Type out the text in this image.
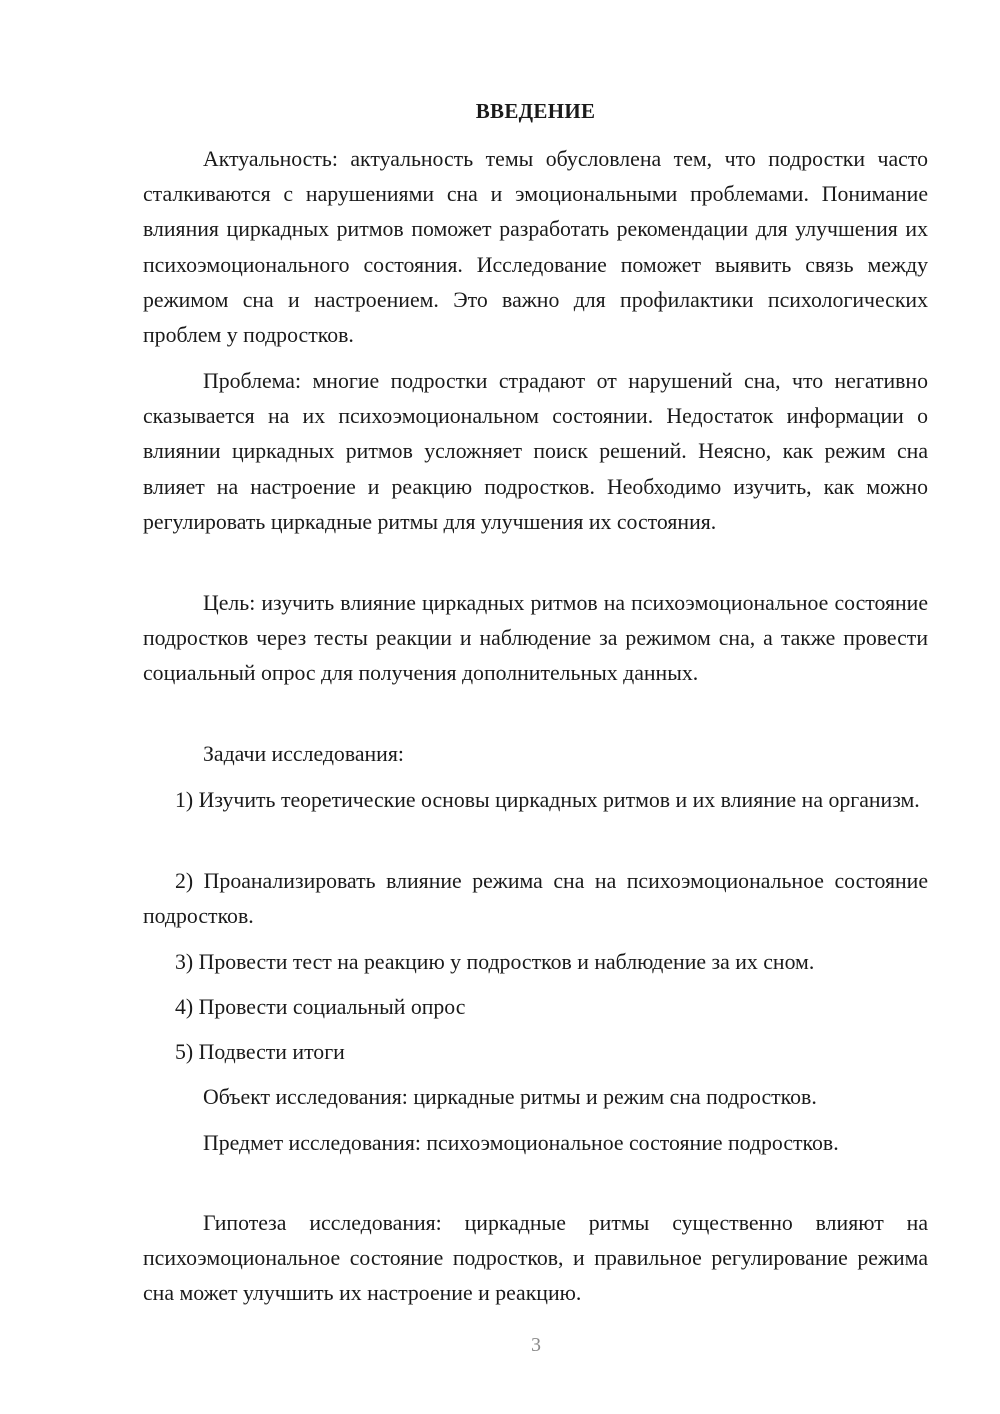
ВВЕДЕНИЕ

Актуальность: актуальность темы обусловлена тем, что подростки часто сталкиваются с нарушениями сна и эмоциональными проблемами. Понимание влияния циркадных ритмов поможет разработать рекомендации для улучшения их психоэмоционального состояния. Исследование поможет выявить связь между режимом сна и настроением. Это важно для профилактики психологических проблем у подростков.

Проблема: многие подростки страдают от нарушений сна, что негативно сказывается на их психоэмоциональном состоянии. Недостаток информации о влиянии циркадных ритмов усложняет поиск решений. Неясно, как режим сна влияет на настроение и реакцию подростков. Необходимо изучить, как можно регулировать циркадные ритмы для улучшения их состояния.

Цель: изучить влияние циркадных ритмов на психоэмоциональное состояние подростков через тесты реакции и наблюдение за режимом сна, а также провести социальный опрос для получения дополнительных данных.

Задачи исследования:

1) Изучить теоретические основы циркадных ритмов и их влияние на организм.

2) Проанализировать влияние режима сна на психоэмоциональное состояние подростков.

3) Провести тест на реакцию у подростков и наблюдение за их сном.

4) Провести социальный опрос

5) Подвести итоги

Объект исследования: циркадные ритмы и режим сна подростков.

Предмет исследования: психоэмоциональное состояние подростков.

Гипотеза исследования: циркадные ритмы существенно влияют на психоэмоциональное состояние подростков, и правильное регулирование режима сна может улучшить их настроение и реакцию.

3
